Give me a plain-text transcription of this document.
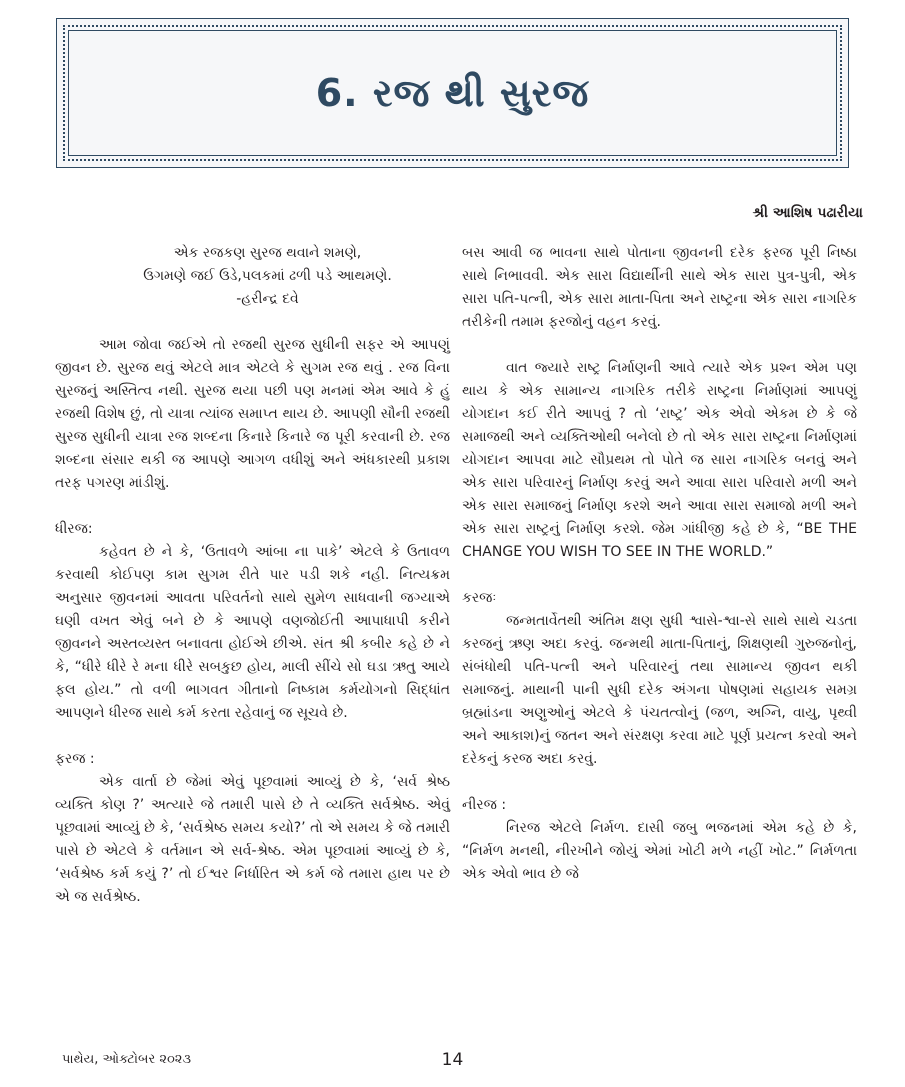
6. રજ થી સુરજ
શ્રી આશિષ પઢારીયા

એક રજકણ સુરજ થવાને શમણે,

ઉગમણે જઈ ઉડે,પલકમાં ઢળી પડે આથમણે.

-હરીન્દ્ર દવે

આમ જોવા જઈએ તો રજથી સુરજ સુધીની સફર એ આપણું જીવન છે. સુરજ થવું એટલે માત્ર એટલે કે સુગમ રજ થવું . રજ વિના સુરજનું અસ્તિત્વ નથી. સુરજ થયા પછી પણ મનમાં એમ આવે કે હું રજથી વિશેષ છું, તો યાત્રા ત્યાંજ સમાપ્ત થાય છે. આપણી સૌની રજથી સુરજ સુધીની યાત્રા રજ શબ્દના કિનારે કિનારે જ પૂરી કરવાની છે. રજ શબ્દના સંસાર થકી જ આપણે આગળ વધીશું અને અંધકારથી પ્રકાશ તરફ પગરણ માંડીશું.

ધીરજ:

કહેવત છે ને કે, ‘ઉતાવળે આંબા ના પાકે’ એટલે કે ઉતાવળ કરવાથી કોઈપણ કામ સુગમ રીતે પાર પડી શકે નહી. નિત્યક્રમ અનુસાર જીવનમાં આવતા પરિવર્તનો સાથે સુમેળ સાધવાની જગ્યાએ ઘણી વખત એવું બને છે કે આપણે વણજોઈતી આપાધાપી કરીને જીવનને અસ્તવ્યસ્ત બનાવતા હોઈએ છીએ. સંત શ્રી કબીર કહે છે ને કે, “ધીરે ધીરે રે મના ધીરે સબકુછ હોય, માલી સીંચે સો ઘડા ઋતુ આયે ફલ હોય.” તો વળી ભાગવત ગીતાનો નિષ્કામ કર્મયોગનો સિદ્ધાંત આપણને ધીરજ સાથે કર્મ કરતા રહેવાનું જ સૂચવે છે.

ફરજ :

એક વાર્તા છે જેમાં એવું પૂછવામાં આવ્યું છે કે, ‘સર્વ શ્રેષ્ઠ વ્યક્તિ કોણ ?’ અત્યારે જે તમારી પાસે છે તે વ્યક્તિ સર્વશ્રેષ્ઠ. એવું પૂછવામાં આવ્યું છે કે, ‘સર્વશ્રેષ્ઠ સમય કયો?’ તો એ સમય કે જે તમારી પાસે છે એટલે કે વર્તમાન એ સર્વ-શ્રેષ્ઠ. એમ પૂછવામાં આવ્યું છે કે, ‘સર્વશ્રેષ્ઠ કર્મ કયું ?’ તો ઈશ્વર નિર્ધારિત એ કર્મ જે તમારા હાથ પર છે એ જ સર્વશ્રેષ્ઠ.

બસ આવી જ ભાવના સાથે પોતાના જીવનની દરેક ફરજ પૂરી નિષ્ઠા સાથે નિભાવવી. એક સારા વિદ્યાર્થીની સાથે એક સારા પુત્ર-પુત્રી, એક સારા પતિ-પત્ની, એક સારા માતા-પિતા અને રાષ્ટ્રના એક સારા નાગરિક તરીકેની તમામ ફરજોનું વહન કરવું.

વાત જ્યારે રાષ્ટ્ર નિર્માણની આવે ત્યારે એક પ્રશ્ન એમ પણ થાય કે એક સામાન્ય નાગરિક તરીકે રાષ્ટ્રના નિર્માણમાં આપણું યોગદાન કઈ રીતે આપવું ? તો ‘રાષ્ટ્ર’ એક એવો એકમ છે કે જે સમાજથી અને વ્યક્તિઓથી બનેલો છે તો એક સારા રાષ્ટ્રના નિર્માણમાં યોગદાન આપવા માટે સૌપ્રથમ તો પોતે જ સારા નાગરિક બનવું અને એક સારા પરિવારનું નિર્માણ કરવું અને આવા સારા પરિવારો મળી અને એક સારા સમાજનું નિર્માણ કરશે અને આવા સારા સમાજો મળી અને એક સારા રાષ્ટ્રનું નિર્માણ કરશે. જેમ ગાંધીજી કહે છે કે, “BE THE CHANGE YOU WISH TO SEE IN THE WORLD.”

કરજઃ

જન્મતાર્વેતથી અંતિમ ક્ષણ સુધી શ્વાસે-શ્વા-સે સાથે સાથે ચડતા કરજનું ઋણ અદા કરવું. જન્મથી માતા-પિતાનું, શિક્ષણથી ગુરુજનોનું, સંબંધોથી પતિ-પત્ની અને પરિવારનું તથા સામાન્ય જીવન થકી સમાજનું. માથાની પાની સુધી દરેક અંગના પોષણમાં સહાયક સમગ્ર બ્રહ્માંડના અણુઓનું એટલે કે પંચતત્વોનું (જળ, અગ્નિ, વાયુ, પૃથ્વી અને આકાશ)નું જતન અને સંરક્ષણ કરવા માટે પૂર્ણ પ્રયત્ન કરવો અને દરેકનું કરજ અદા કરવું.

નીરજ :

નિરજ એટલે નિર્મળ. દાસી જબુ ભજનમાં એમ કહે છે કે, “નિર્મળ મનથી, નીરખીને જોયું એમાં ખોટી મળે નહીં ખોટ.” નિર્મળતા એક એવો ભાવ છે જે

પાથેય, ઓક્ટોબર ૨૦૨૩	14
